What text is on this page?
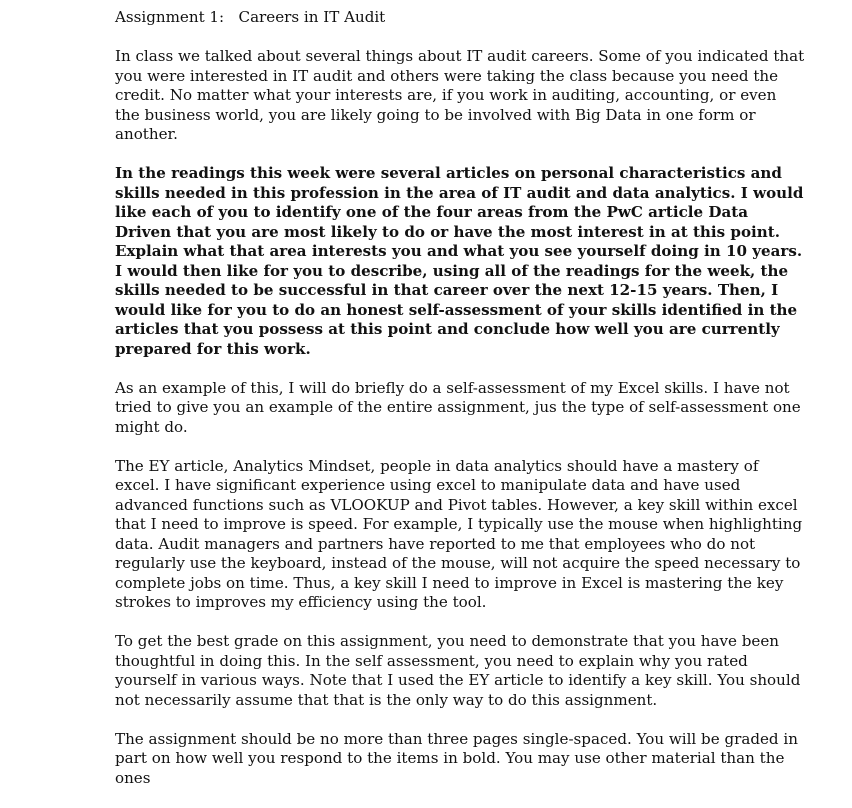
Assignment 1:   Careers in IT Audit

In class we talked about several things about IT audit careers. Some of you indicated that you were interested in IT audit and others were taking the class because you need the credit. No matter what your interests are, if you work in auditing, accounting, or even the business world, you are likely going to be involved with Big Data in one form or another.

In the readings this week were several articles on personal characteristics and skills needed in this profession in the area of IT audit and data analytics. I would like each of you to identify one of the four areas from the PwC article Data Driven that you are most likely to do or have the most interest in at this point. Explain what that area interests you and what you see yourself doing in 10 years. I would then like for you to describe, using all of the readings for the week, the skills needed to be successful in that career over the next 12-15 years. Then, I would like for you to do an honest self-assessment of your skills identified in the articles that you possess at this point and conclude how well you are currently prepared for this work.

As an example of this, I will do briefly do a self-assessment of my Excel skills. I have not tried to give you an example of the entire assignment, jus the type of self-assessment one might do.

The EY article, Analytics Mindset, people in data analytics should have a mastery of excel. I have significant experience using excel to manipulate data and have used advanced functions such as VLOOKUP and Pivot tables. However, a key skill within excel that I need to improve is speed. For example, I typically use the mouse when highlighting data. Audit managers and partners have reported to me that employees who do not regularly use the keyboard, instead of the mouse, will not acquire the speed necessary to complete jobs on time. Thus, a key skill I need to improve in Excel is mastering the key strokes to improves my efficiency using the tool.

To get the best grade on this assignment, you need to demonstrate that you have been thoughtful in doing this. In the self assessment, you need to explain why you rated yourself in various ways. Note that I used the EY article to identify a key skill. You should not necessarily assume that that is the only way to do this assignment.

The assignment should be no more than three pages single-spaced. You will be graded in part on how well you respond to the items in bold. You may use other material than the ones
